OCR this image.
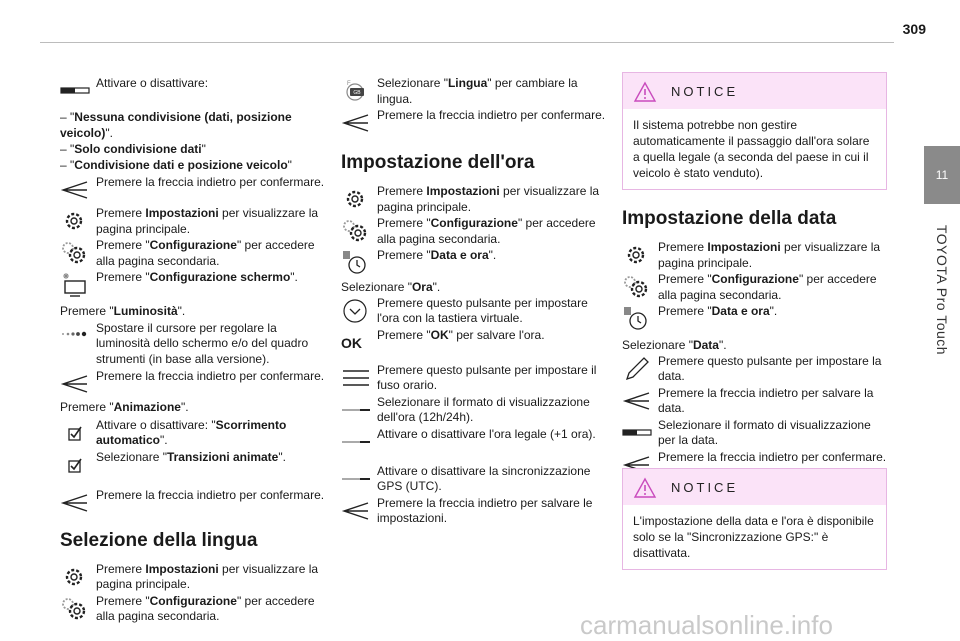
309
11
TOYOTA Pro Touch
Attivare o disattivare:
– "Nessuna condivisione (dati, posizione veicolo)".
– "Solo condivisione dati"
– "Condivisione dati e posizione veicolo"
Premere la freccia indietro per confermare.
Premere Impostazioni per visualizzare la pagina principale.
Premere "Configurazione" per accedere alla pagina secondaria.
Premere "Configurazione schermo".
Premere "Luminosità".
Spostare il cursore per regolare la luminosità dello schermo e/o del quadro strumenti (in base alla versione).
Premere la freccia indietro per confermare.
Premere "Animazione".
Attivare o disattivare: "Scorrimento automatico".
Selezionare "Transizioni animate".
Premere la freccia indietro per confermare.
Selezione della lingua
Premere Impostazioni per visualizzare la pagina principale.
Premere "Configurazione" per accedere alla pagina secondaria.
GB
F Selezionare "Lingua" per cambiare la lingua.
Premere la freccia indietro per confermare.
Impostazione dell'ora
Premere Impostazioni per visualizzare la pagina principale.
Premere "Configurazione" per accedere alla pagina secondaria.
Premere "Data e ora".
Selezionare "Ora".
Premere questo pulsante per impostare l'ora con la tastiera virtuale.
OK	Premere "OK" per salvare l'ora.
Premere questo pulsante per impostare il fuso orario.
Selezionare il formato di visualizzazione dell'ora (12h/24h).
Attivare o disattivare l'ora legale (+1 ora).
Attivare o disattivare la sincronizzazione GPS (UTC).
Premere la freccia indietro per salvare le impostazioni.
NOTICE
Il sistema potrebbe non gestire automaticamente il passaggio dall'ora solare a quella legale (a seconda del paese in cui il veicolo è stato venduto).
Impostazione della data
Premere Impostazioni per visualizzare la pagina principale.
Premere "Configurazione" per accedere alla pagina secondaria.
Premere "Data e ora".
Selezionare "Data".
Premere questo pulsante per impostare la data.
Premere la freccia indietro per salvare la data.
Selezionare il formato di visualizzazione per la data.
Premere la freccia indietro per confermare.
NOTICE
L'impostazione della data e l'ora è disponibile solo se la "Sincronizzazione GPS:" è disattivata.
carmanualsonline.info
